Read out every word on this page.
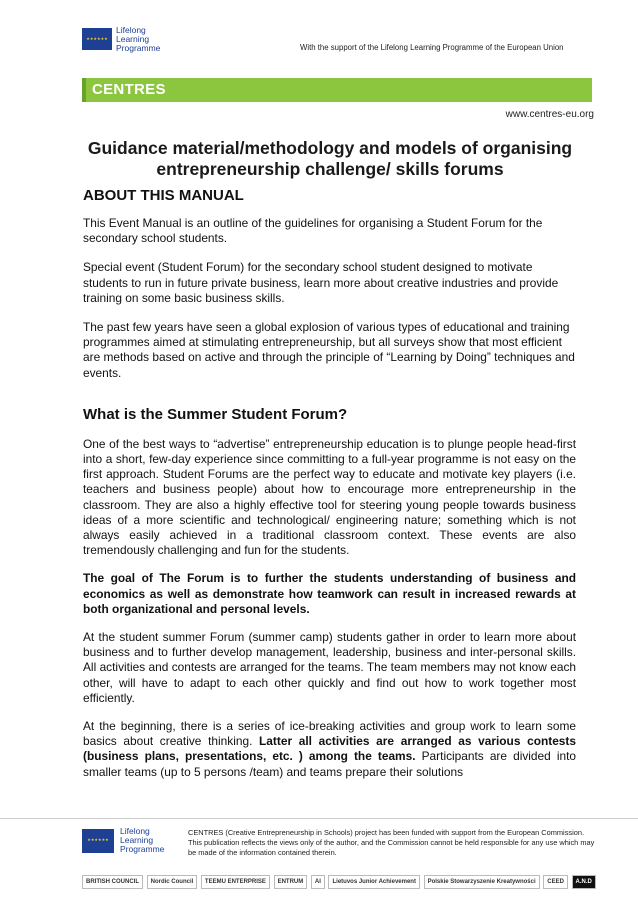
★★★★★★
Lifelong
Learning
Programme	With the support of the Lifelong Learning Programme of the European Union
CENTRES
www.centres-eu.org
Guidance material/methodology and models of organising entrepreneurship challenge/ skills forums
ABOUT THIS MANUAL

This Event Manual is an outline of the guidelines for organising a Student Forum for the secondary school students.

Special event (Student Forum) for the secondary school student designed to motivate students to run in future private business, learn more about creative industries and provide training on some basic business skills.

The past few years have seen a global explosion of various types of educational and training programmes aimed at stimulating entrepreneurship, but all surveys show that most efficient are methods based on active and through the principle of “Learning by Doing” techniques and events.

What is the Summer Student Forum?

One of the best ways to “advertise” entrepreneurship education is to plunge people head-first into a short, few-day experience since committing to a full-year programme is not easy on the first approach. Student Forums are the perfect way to educate and motivate key players (i.e. teachers and business people) about how to encourage more entrepreneurship in the classroom. They are also a highly effective tool for steering young people towards business ideas of a more scientific and technological/ engineering nature; something which is not always easily achieved in a traditional classroom context. These events are also tremendously challenging and fun for the students.

The goal of The Forum is to further the students understanding of business and economics as well as demonstrate how teamwork can result in increased rewards at both organizational and personal levels.

At the student summer Forum (summer camp) students gather in order to learn more about business and to further develop management, leadership, business and inter-personal skills. All activities and contests are arranged for the teams. The team members may not know each other, will have to adapt to each other quickly and find out how to work together most efficiently.

At the beginning, there is a series of ice-breaking activities and group work to learn some basics about creative thinking. Latter all activities are arranged as various contests (business plans, presentations, etc. ) among the teams. Participants are divided into smaller teams (up to 5 persons /team) and teams prepare their solutions

★★★★★★
Lifelong
Learning
Programme
CENTRES (Creative Entrepreneurship in Schools) project has been funded with support from the European Commission. This publication reflects the views only of the author, and the Commission cannot be held responsible for any use which may be made of the information contained therein.
BRITISH COUNCIL	Nordic Council	TEEMU ENTERPRISE	ENTRUM	AI	Lietuvos Junior Achievement	Polskie Stowarzyszenie Kreatywności	CEED	A.N.D
